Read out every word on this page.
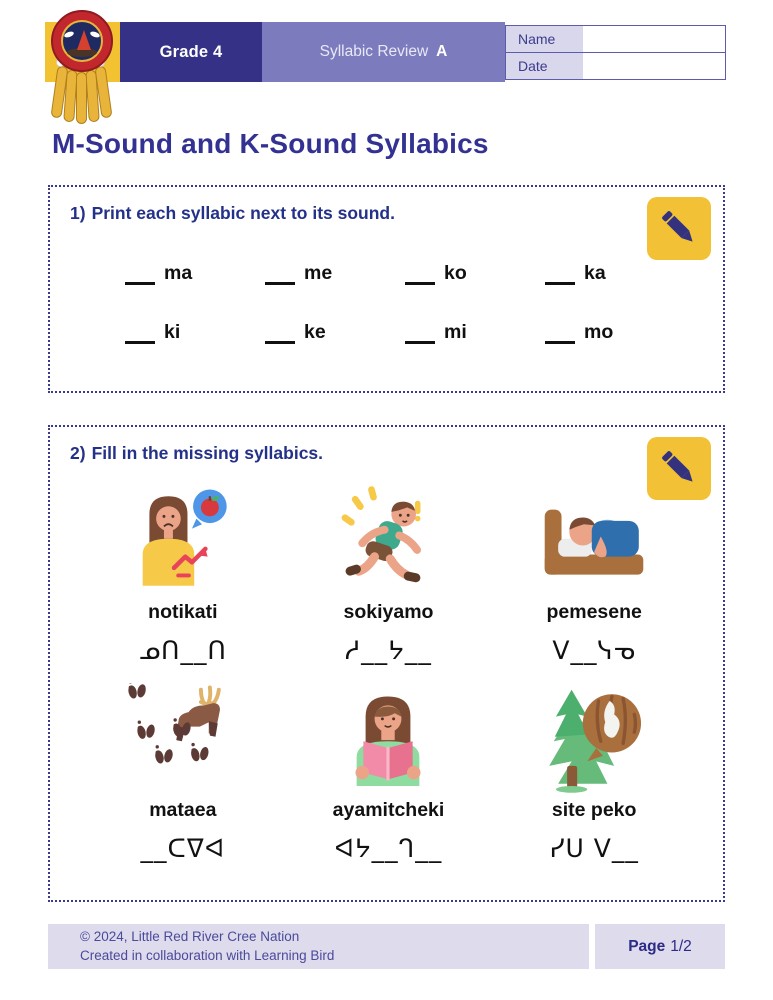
Grade 4	Syllabic Review A
Name
Date
M-Sound and K-Sound Syllabics
1) Print each syllabic next to its sound.
ma	me	ko	ka
ki	ke	mi	mo
2) Fill in the missing syllabics.
notikati
ᓄᑎ__ᑎ
sokiyamo
ᓱ__ᔭ__
pemesene
ᐯ__ᓭᓀ
mataea
__ᑕᐁᐊ
ayamitcheki
ᐊᔭ__ᒉ__
site peko
ᓯᑌ ᐯ__
© 2024, Little Red River Cree Nation
Created in collaboration with Learning Bird
Page 1/2
